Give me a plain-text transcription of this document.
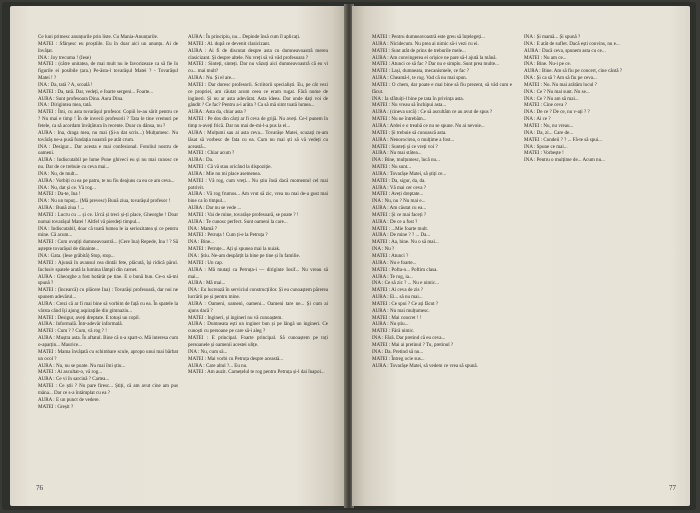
Ce luni primesc anunțurile prin liste. Cu Mania-Anunțurile.
MATEI : Sfârșesc eu proștiile. Eu în doar aici un anunțu. Ai de învățat.
INA : Joy trecuma ! (Iese)
MATEI : (către unitatea, de mai mult nu le favorizeaze ca să fie în figurile ei posibile țara.) Pe-ăsta-l tovarășul Matei ? - Tovarășul Matei ! ?
INA : Da, tată ? A, scoală !
MATEI : Da, tată. Dar, vedeți, e foarte sergeni... Foarte...
AURA : Sunt profesoara Dina. Aura Dina.
INA : Dirigintea mea, tată.
MATEI : Îmi, cu asta tovarășul profesor. Copiii le-au sărit pentru ce ? Nu mai e timp ! În de invecii profesorii ? Tata le tine vremuri pe fetele, ca să acordam învățătura în recente. Doar cu dânsa, nu ?
AURA : Ina, draga mea, nu mai (Și-a dat scris...) Mulțumesc. Nu tovărăș ne-a pusă fundația noastră pe atât crum.
INA : Desigur... Dar acesta e mai confesional. Fotoliul nostru de oameni.
AURA : Indiscutabil pe lume Pune ghiveci eu și nu mai cunosc ce nu. Dar de ce trebuie cu ceva mai...
INA : Nu, de mult...
AURA : Vorbiți cu ea pe patru, te nu fiu deajuns ca eu ce am ceva...
INA : Nu, dat și ce. Vă rog...
MATEI : Da-te, Ina !
INA : Nu un topuț... (Mă prevesc) Bună ziua, tovarășul profesor !
AURA : Bună ziua ! ...
MATEI : Lucru cu ... și ce. Urcă și treci și-ți place, Gheorghe ! Doar numai tovarășul Matei ! Altfel vă pierdeți timpul...
INA : Indiscutabil, doar că toată lumea le ia seriozitatea și ce pentru mine. Că acum...
MATEI : Cum ovațiți dumneavoastră... (Cere Ina) Repede, Ina ! ? Să aștepte tovarășul de dinainte...
INA : Gata. (Iese grăbită) Stop, stop...
MATEI : Ajunsă în avansul cea dintâi fete, plăcută, își ridică părul. Inclusiv spatele arată la lumina lămpii din carnet.
AURA : Gheorghe a fost hotărât pe tine. E o bună bun. Ce-o să-mi spună ?
MATEI : (încearcă) cu plăcere Ina) : Tovarăși profesoară, dar noi ne spunem adevărul...
AURA : Crezi că ar fi mai bine să vorbim de față cu ea. În spatele la vârsta când își ajung aspirațiile din gimnaziu...
MATEI : Desigur, aveți dreptate. E totuși un copil.
AURA : Informală. Într-adevăr informală.
MATEI : Cum ? ? Cum, vă rog ? !
AURA : Muștra asta. În aftatul. Bine că n-a spart-o. Mă interesa cum o-aparțin... Maurice...
MATEI : Mama învățată cu schimbare scule, apropo unui mai bărbat un ocol ?
AURA : Nu, nu se poate. Nu mai îmi știu...
MATEI : Ai ascultat-o, vă rog...
AURA : Ce vi în sarcină ? Cartea...
MATEI : Ce știi ? Nu pare firesc... Știți, că am avut cine am pus mâna... Dar ce s-a întâmplat cu ea ?
AURA : E un punct de vedere.
MATEI : Greșit ?
AURA : În principiu, nu... Depinde însă cum îl aplicați.
MATEI : Al. după ce devenit clasicizant.
AURA : Ai fi de discutat despre asta cu dumneavoastră mereu clasicizant. Și despre altele. Nu vreți să vă văd profesoara ?
MATEI : Sinteți, sinteți. Dar nu văzuți aici dumneavoastră că eu vi cu... mai mult?
AURA : Nu. Și el are...
MATEI : Dar doresc profesorii. Scriitorii specialiști. Eu, pe cât vezi ce propriei, am căutat acum ceea ce eram rugat. Fără nume de ingineri. Și nu ar asta adevărat. Asta ideea. Dar unde dați voi de gândit ? Ce fac? Pentru a-i arăta ? Ca să mă simt toată lumea...
AURA : Asta da, chiar asta ?
MATEI : Pe dos din cărți ar fi ceva de grijă. Nu aveți. Ce-l punem în timp n-aveți frică. Dar nu mai de-mi-l-a pus la el...
AURA : Mulțumi sau ai asta ceva... Tovarășe Matei, scuzați m-am lăsat să vorbesc de fata cu ea. Cum nu mai ști să vă vedeți cu această...
MATEI : Chiar acum ?
AURA : Da.
MATEI : Că vă stau oricând la dispoziție.
AURA : Mie nu mi place asemenea.
MATEI : Vă rog, cum vreți... Nu știu însă dacă momentul cel mai potrivit.
AURA : Vă rog frumos... Am vrut să zic, vrea nu mai de-a gust mai bine ca în timpul...
AURA : Dar nu se vede ...
MATEI : Vai de mine, tovarășe profesoară, se poate ? !
AURA : Te cunosc perfect. Sunt oameni la care...
INA : Mamă ?
MATEI : Petruța ! Cum ți-e la Petruța ?
INA : Bine...
MATEI : Petruțe... Ați și spunea mai la nuiak.
INA : Știu. Ne-am despărțit la bine pe tine și în familie.
MATEI : Un cap.
AURA : Mă mutați ca Petruța-i — diriginte Iosif... Nu vreau să mai...
AURA : Mă mai...
INA : Eu lucrează în serviciul construcțiilor. Și eu cunoaștem părerea lucrării pe și pentru mine.
AURA : Oameni, oameni, oameni... Oameni tare ne... Și cum ai ajuns dacă ?
MATEI : Ingineri, și ingineri nu vă cunoaștem.
AURA : Dumneata ești un inginer bun și pe lângă un ingineri. Ce cunoști cu persoane pe care să-i aleg ?
MATEI : E principal. Foarte principal. Să cunoaștem pe toți persoanele și oamenii acestei ulițe.
INA : Nu, cum să...
MATEI : Mai vorbi cu Petruța despre această...
AURA : Care altul ?... Eu nu.
MATEI : Am auzit. Carnețelul te rog pentru Petruța și-l dai înapoi...
76
MATEI : Pentru dumneavoastră este greu să înțelegeți...
AURA : Nicidecum. Nu prea ai nimic să-i vezi cu ei.
MATEI : Sunt atât de prins de treburile mele...
AURA : Am convingerea ei orișice ne pare să-l ajută la mână.
MATEI : Atunci ce să fac ? Dar nu e simplu. Sunt prea multe...
MATEI : Lași, dumneata, mecanismele, ce fac ?
AURA : Cheamă-l, te rog. Vad că nu mai spun.
MATEI : O chem, dar poate e mai bine să fiu prezent, să văd cum e făcut.
INA : Ia sfătuiți-l bine pe tata în privința asta.
MATEI : Nu vreau să închipui asta...
AURA : (cineva urcă) : Ce să ascultăm ce au avut de spus ?
MATEI : Nu ne întrebăm...
AURA : Ardei e o treabă ce nu se spune. Nu ai nevoie...
MATEI : Și trebuie să cunoască asta.
AURA : Nenorocirea, o mulțime a fost...
MATEI : Sunteți și ce vreți voi ?
AURA : Nu mai stătea...
INA : Bine, mulțumesc, încă nu...
MATEI : Nu sunt...
AURA : Tovarășe Matei, să știți ce...
MATEI : Da, sigur, da, da.
AURA : Vă mai cer ceva ?
MATEI : Aveți dreptate...
INA : Nu, nu ? Nu mai e...
AURA : Am căutat cu ea...
MATEI : Și ce mai faceți ?
AURA : De ce a fost ?
MATEI : ...Mie foarte mult.
AURA : De mine ? ? ... Da...
MATEI : Aa, bine. Nu o să mai...
INA : Nu ?
MATEI : Atunci ?
AURA : Nu e foarte...
MATEI : Pofta-o... Poftim clasa.
AURA : Te rog, ia...
INA : Ce să zic ? ... Nu e nimic...
MATEI : Ai ceva de zis ?
AURA : Ei... să nu mai...
MATEI : Ce spui ? Ce ați făcut ?
AURA : Nu mai mulțumesc.
MATEI : Mai concret ! !
AURA : Nu știu...
MATEI : Fără nimic.
INA : Fără. Dar pretind că eu ceva...
MATEI : Mai ai pretinul ? Tu, pretinul ?
INA : Da. Pretind să nu...
MATEI : Întreg ocie sus...
AURA : Tovarășe Matei, să vedem ce vrea să spună.
INA : Și mamă... Și spună ?
INA : E atât de suflet. Dacă ești convins, nu e...
AURA : Dacă ceva, spunem asta cu ce...
MATEI : Nu am ce...
INA : Bine. Nu-i pe ce.
AURA : Bine. Am să fiu pe concert, cine cântă ?
INA : Și ca să ? Am să fiu pe ceva...
MATEI : Nu. Nu mai arătăm locul ?
INA : Ce ? Nu mai sunt. Nu se...
INA : Ce ? Nu am să mai...
MATEI : Cine ceva ?
INA : De ce ? De ce, nu v-ați ? ?
INA : Ai ce ?
MATEI : Nu, nu vreau...
INA : Da, zi... Care de...
MATEI : Condeii ? ? ... Fă-te să spui...
INA : Spune ce mai...
MATEI : Vorbește !
INA : Pentru o mulțime de... Acum nu...
77
